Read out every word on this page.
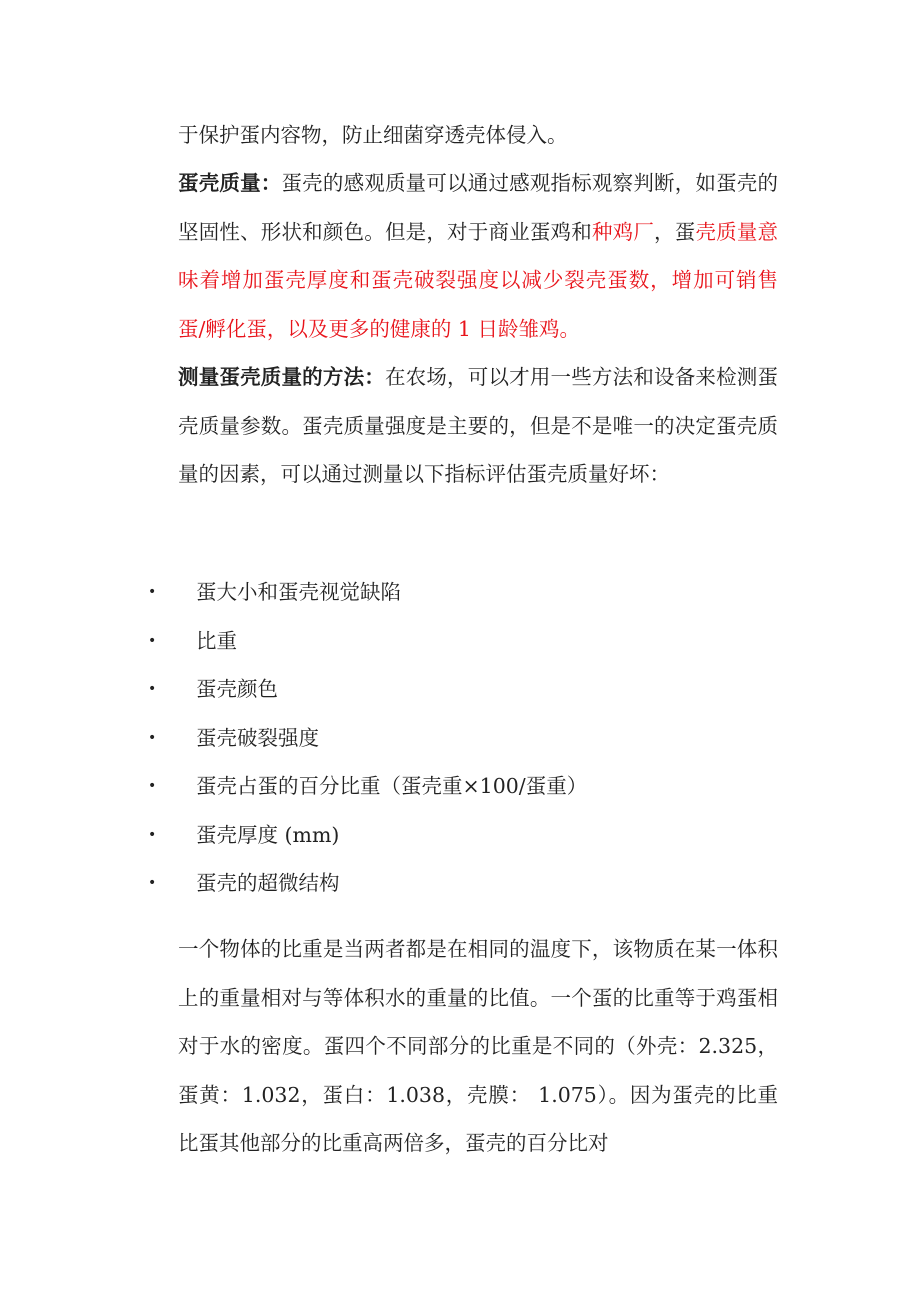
于保护蛋内容物，防止细菌穿透壳体侵入。
蛋壳质量：蛋壳的感观质量可以通过感观指标观察判断，如蛋壳的坚固性、形状和颜色。但是，对于商业蛋鸡和种鸡厂，蛋壳质量意味着增加蛋壳厚度和蛋壳破裂强度以减少裂壳蛋数，增加可销售蛋/孵化蛋，以及更多的健康的 1 日龄雏鸡。
测量蛋壳质量的方法：在农场，可以才用一些方法和设备来检测蛋壳质量参数。蛋壳质量强度是主要的，但是不是唯一的决定蛋壳质量的因素，可以通过测量以下指标评估蛋壳质量好坏：
• 蛋大小和蛋壳视觉缺陷
• 比重
• 蛋壳颜色
• 蛋壳破裂强度
• 蛋壳占蛋的百分比重（蛋壳重×100/蛋重）
• 蛋壳厚度 (mm)
• 蛋壳的超微结构
一个物体的比重是当两者都是在相同的温度下，该物质在某一体积上的重量相对与等体积水的重量的比值。一个蛋的比重等于鸡蛋相对于水的密度。蛋四个不同部分的比重是不同的（外壳：2.325，蛋黄：1.032，蛋白：1.038，壳膜： 1.075）。因为蛋壳的比重比蛋其他部分的比重高两倍多，蛋壳的百分比对
